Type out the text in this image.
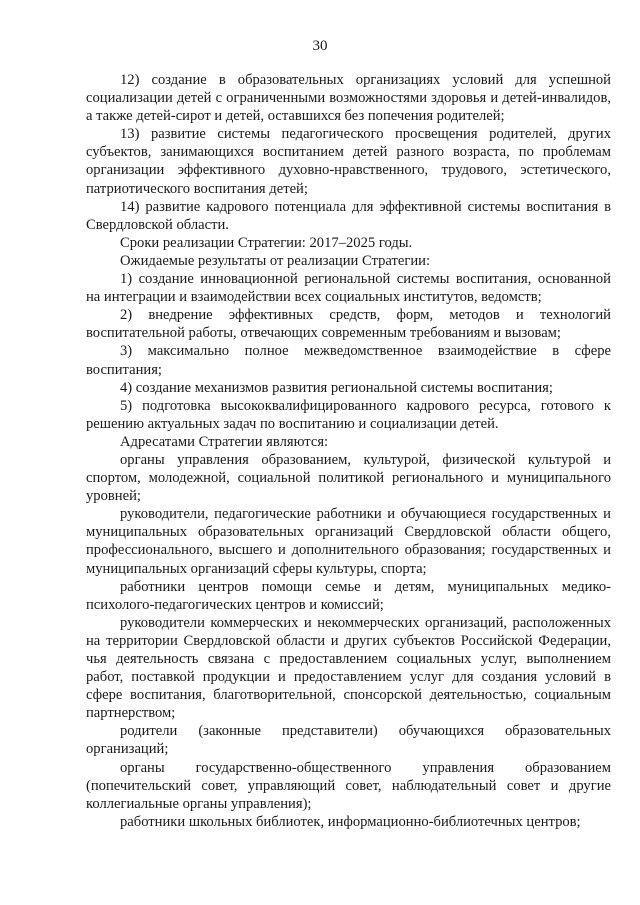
30

12) создание в образовательных организациях условий для успешной социализации детей с ограниченными возможностями здоровья и детей-инвалидов, а также детей-сирот и детей, оставшихся без попечения родителей;

13) развитие системы педагогического просвещения родителей, других субъектов, занимающихся воспитанием детей разного возраста, по проблемам организации эффективного духовно-нравственного, трудового, эстетического, патриотического воспитания детей;

14) развитие кадрового потенциала для эффективной системы воспитания в Свердловской области.

Сроки реализации Стратегии: 2017–2025 годы.

Ожидаемые результаты от реализации Стратегии:

1) создание инновационной региональной системы воспитания, основанной на интеграции и взаимодействии всех социальных институтов, ведомств;

2) внедрение эффективных средств, форм, методов и технологий воспитательной работы, отвечающих современным требованиям и вызовам;

3) максимально полное межведомственное взаимодействие в сфере воспитания;

4) создание механизмов развития региональной системы воспитания;

5) подготовка высококвалифицированного кадрового ресурса, готового к решению актуальных задач по воспитанию и социализации детей.

Адресатами Стратегии являются:

органы управления образованием, культурой, физической культурой и спортом, молодежной, социальной политикой регионального и муниципального уровней;

руководители, педагогические работники и обучающиеся государственных и муниципальных образовательных организаций Свердловской области общего, профессионального, высшего и дополнительного образования; государственных и муниципальных организаций сферы культуры, спорта;

работники центров помощи семье и детям, муниципальных медико-психолого-педагогических центров и комиссий;

руководители коммерческих и некоммерческих организаций, расположенных на территории Свердловской области и других субъектов Российской Федерации, чья деятельность связана с предоставлением социальных услуг, выполнением работ, поставкой продукции и предоставлением услуг для создания условий в сфере воспитания, благотворительной, спонсорской деятельностью, социальным партнерством;

родители (законные представители) обучающихся образовательных организаций;

органы государственно-общественного управления образованием (попечительский совет, управляющий совет, наблюдательный совет и другие коллегиальные органы управления);

работники школьных библиотек, информационно-библиотечных центров;
